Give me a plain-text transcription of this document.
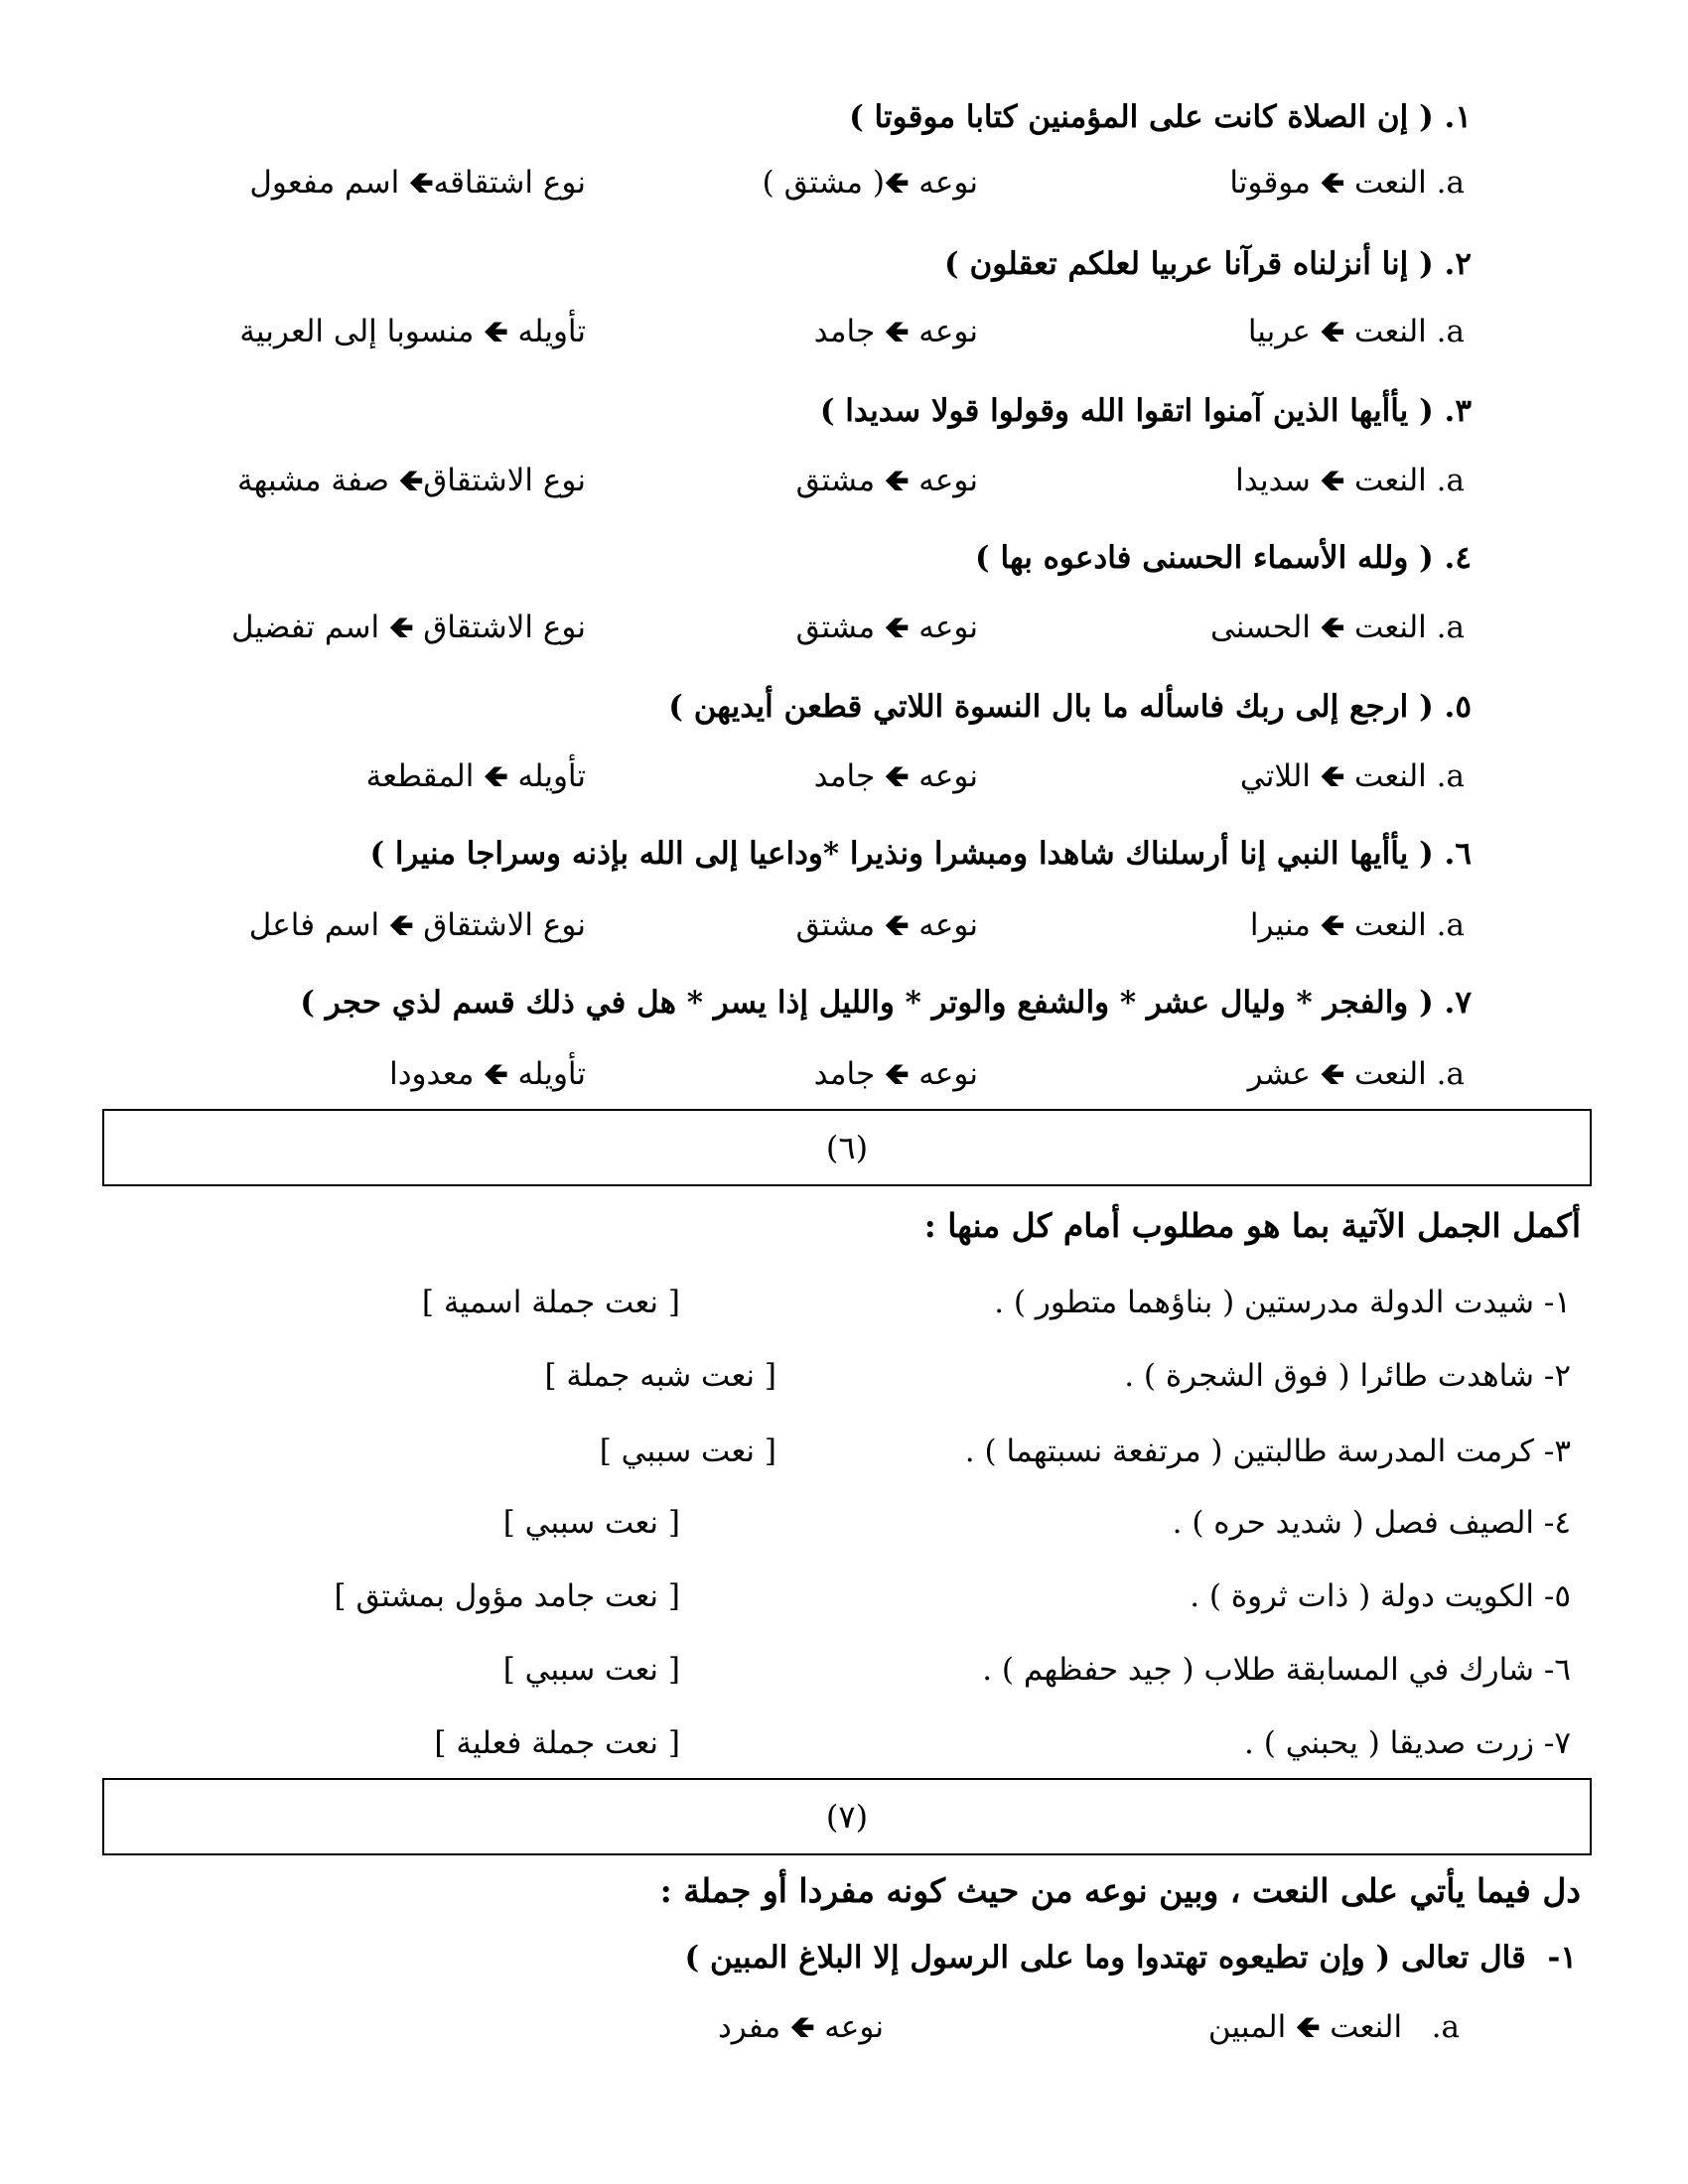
١. ( إن الصلاة كانت على المؤمنين كتابا موقوتا )
a. النعت 🡸 موقوتا
نوعه 🡸( مشتق )
نوع اشتقاقه🡸 اسم مفعول
٢. ( إنا أنزلناه قرآنا عربيا لعلكم تعقلون )
a. النعت 🡸 عربيا
نوعه 🡸 جامد
تأويله 🡸 منسوبا إلى العربية
٣. ( يأأيها الذين آمنوا اتقوا الله وقولوا قولا سديدا )
a. النعت 🡸 سديدا
نوعه 🡸 مشتق
نوع الاشتقاق🡸 صفة مشبهة
٤. ( ولله الأسماء الحسنى فادعوه بها )
a. النعت 🡸 الحسنى
نوعه 🡸 مشتق
نوع الاشتقاق 🡸 اسم تفضيل
٥. ( ارجع إلى ربك فاسأله ما بال النسوة اللاتي قطعن أيديهن )
a. النعت 🡸 اللاتي
نوعه 🡸 جامد
تأويله 🡸 المقطعة
٦. ( يأأيها النبي إنا أرسلناك شاهدا ومبشرا ونذيرا *وداعيا إلى الله بإذنه وسراجا منيرا )
a. النعت 🡸 منيرا
نوعه 🡸 مشتق
نوع الاشتقاق 🡸 اسم فاعل
٧. ( والفجر * وليال عشر * والشفع والوتر * والليل إذا يسر * هل في ذلك قسم لذي حجر )
a. النعت 🡸 عشر
نوعه 🡸 جامد
تأويله 🡸 معدودا
(٦)
أكمل الجمل الآتية بما هو مطلوب أمام كل منها :
١- شيدت الدولة مدرستين ( بناؤهما متطور ) .
[ نعت جملة اسمية ]
٢- شاهدت طائرا ( فوق الشجرة ) .
[ نعت شبه جملة ]
٣- كرمت المدرسة طالبتين ( مرتفعة نسبتهما ) .
[ نعت سببي ]
٤- الصيف فصل ( شديد حره ) .
[ نعت سببي ]
٥- الكويت دولة ( ذات ثروة ) .
[ نعت جامد مؤول بمشتق ]
٦- شارك في المسابقة طلاب ( جيد حفظهم ) .
[ نعت سببي ]
٧- زرت صديقا ( يحبني ) .
[ نعت جملة فعلية ]
(٧)
دل فيما يأتي على النعت ، وبين نوعه من حيث كونه مفردا أو جملة :
١-  قال تعالى ( وإن تطيعوه تهتدوا وما على الرسول إلا البلاغ المبين )
a.   النعت 🡸 المبين
نوعه 🡸 مفرد
